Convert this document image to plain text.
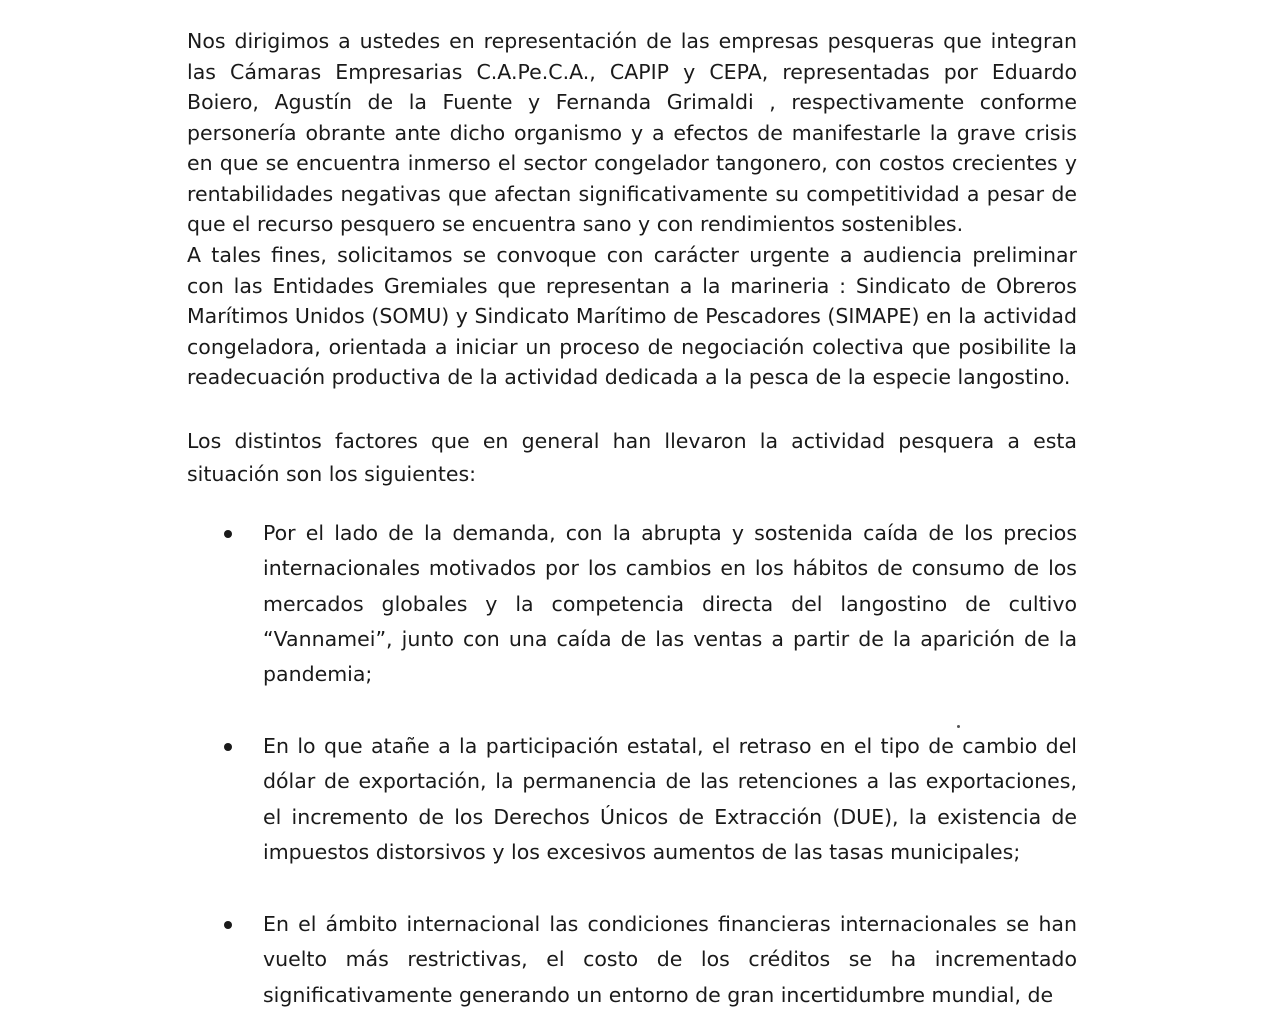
Nos dirigimos a ustedes en representación de las empresas pesqueras que integran las Cámaras Empresarias C.A.Pe.C.A., CAPIP y CEPA, representadas por Eduardo Boiero, Agustín de la Fuente y Fernanda Grimaldi , respectivamente conforme personería obrante ante dicho organismo y a efectos de manifestarle la grave crisis en que se encuentra inmerso el sector congelador tangonero, con costos crecientes y rentabilidades negativas que afectan significativamente su competitividad a pesar de que el recurso pesquero se encuentra sano y con rendimientos sostenibles.

A tales fines, solicitamos se convoque con carácter urgente a audiencia preliminar con las Entidades Gremiales que representan a la marineria : Sindicato de Obreros Marítimos Unidos (SOMU) y Sindicato Marítimo de Pescadores (SIMAPE) en la actividad congeladora, orientada a iniciar un proceso de negociación colectiva que posibilite la readecuación productiva de la actividad dedicada a la pesca de la especie langostino.

Los distintos factores que en general han llevaron la actividad pesquera a esta situación son los siguientes:

Por el lado de la demanda, con la abrupta y sostenida caída de los precios internacionales motivados por los cambios en los hábitos de consumo de los mercados globales y la competencia directa del langostino de cultivo “Vannamei”, junto con una caída de las ventas a partir de la aparición de la pandemia;

En lo que atañe a la participación estatal, el retraso en el tipo de cambio del dólar de exportación, la permanencia de las retenciones a las exportaciones, el incremento de los Derechos Únicos de Extracción (DUE), la existencia de impuestos distorsivos y los excesivos aumentos de las tasas municipales;

En el ámbito internacional las condiciones financieras internacionales se han vuelto más restrictivas, el costo de los créditos se ha incrementado significativamente generando un entorno de gran incertidumbre mundial, de
